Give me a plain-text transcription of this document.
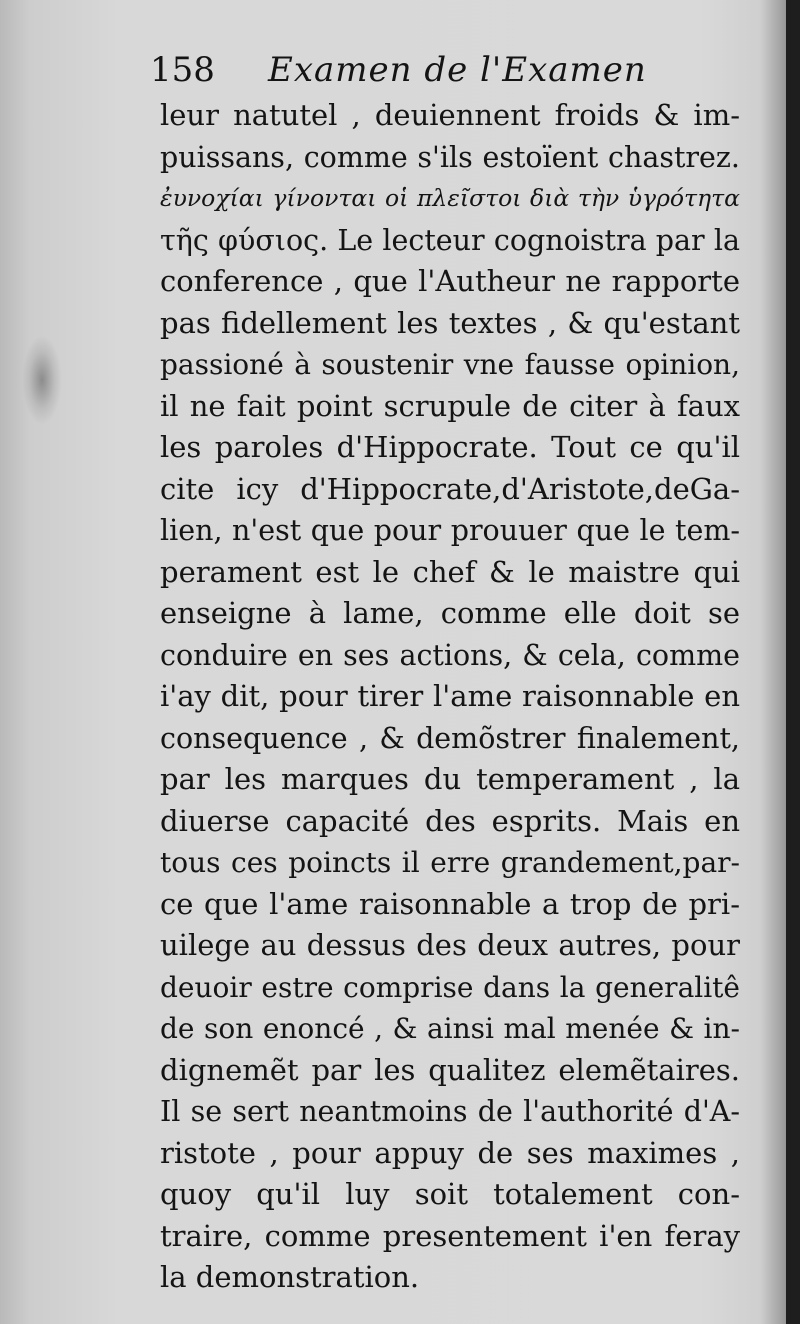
158 Examen de l'Examen
leur natutel , deuiennent froids & im-
puissans, comme s'ils estoïent chastrez.
ἐυνοχίαι γίνονται οἱ πλεῖστοι διὰ τὴν ὑγρότητα
τῆς φύσιος. Le lecteur cognoistra par la
conference , que l'Autheur ne rapporte
pas fidellement les textes , & qu'estant
passioné à soustenir vne fausse opinion,
il ne fait point scrupule de citer à faux
les paroles d'Hippocrate. Tout ce qu'il
cite icy d'Hippocrate,d'Aristote,deGa-
lien, n'est que pour prouuer que le tem-
perament est le chef & le maistre qui
enseigne à lame, comme elle doit se
conduire en ses actions, & cela, comme
i'ay dit, pour tirer l'ame raisonnable en
consequence , & demõstrer finalement,
par les marques du temperament , la
diuerse capacité des esprits. Mais en
tous ces poincts il erre grandement,par-
ce que l'ame raisonnable a trop de pri-
uilege au dessus des deux autres, pour
deuoir estre comprise dans la generalitê
de son enoncé , & ainsi mal menée & in-
dignemẽt par les qualitez elemẽtaires.
Il se sert neantmoins de l'authorité d'A-
ristote , pour appuy de ses maximes ,
quoy qu'il luy soit totalement con-
traire, comme presentement i'en feray
la demonstration.
